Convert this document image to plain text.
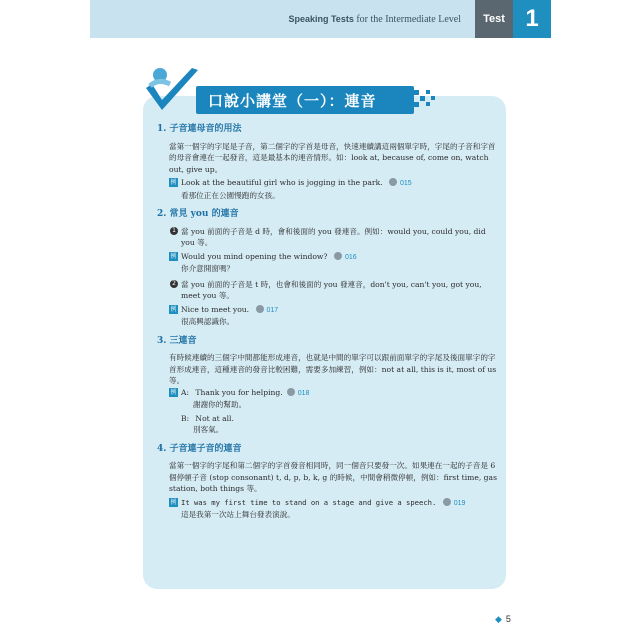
Speaking Tests for the Intermediate Level	Test 1
口說小講堂（一）：連音
1. 子音連母音的用法

當第一個字的字尾是子音，第二個字的字首是母音，快速連續講這兩個單字時，字尾的子音和字首的母音會連在一起發音，這是最基本的連音情形。如：look at, because of, come on, watch out, give up。

例 Look at the beautiful girl who is jogging in the park. 015
看那位正在公園慢跑的女孩。
2. 常見 you 的連音
1 當 you 前面的子音是 d 時，會和後面的 you 發連音。例如：would you, could you, did you 等。
例 Would you mind opening the window? 016
你介意開窗嗎？
2 當 you 前面的子音是 t 時，也會和後面的 you 發連音，don't you, can't you, got you, meet you 等。
例 Nice to meet you. 017
很高興認識你。
3. 三連音

有時候連續的三個字中間都能形成連音，也就是中間的單字可以跟前面單字的字尾及後面單字的字首形成連音，這種連音的發音比較困難，需要多加練習，例如：not at all, this is it, most of us 等。

例 A: Thank you for helping. 018
謝謝你的幫助。
B: Not at all.
別客氣。
4. 子音連子音的連音

當第一個字的字尾和第二個字的字首發音相同時，同一個音只要發一次。如果連在一起的子音是 6 個停頓子音 (stop consonant) t, d, p, b, k, g 的時候，中間會稍微停頓，例如：first time, gas station, both things 等。

例 It was my first time to stand on a stage and give a speech. 019
這是我第一次站上舞台發表演說。
◆ 5
